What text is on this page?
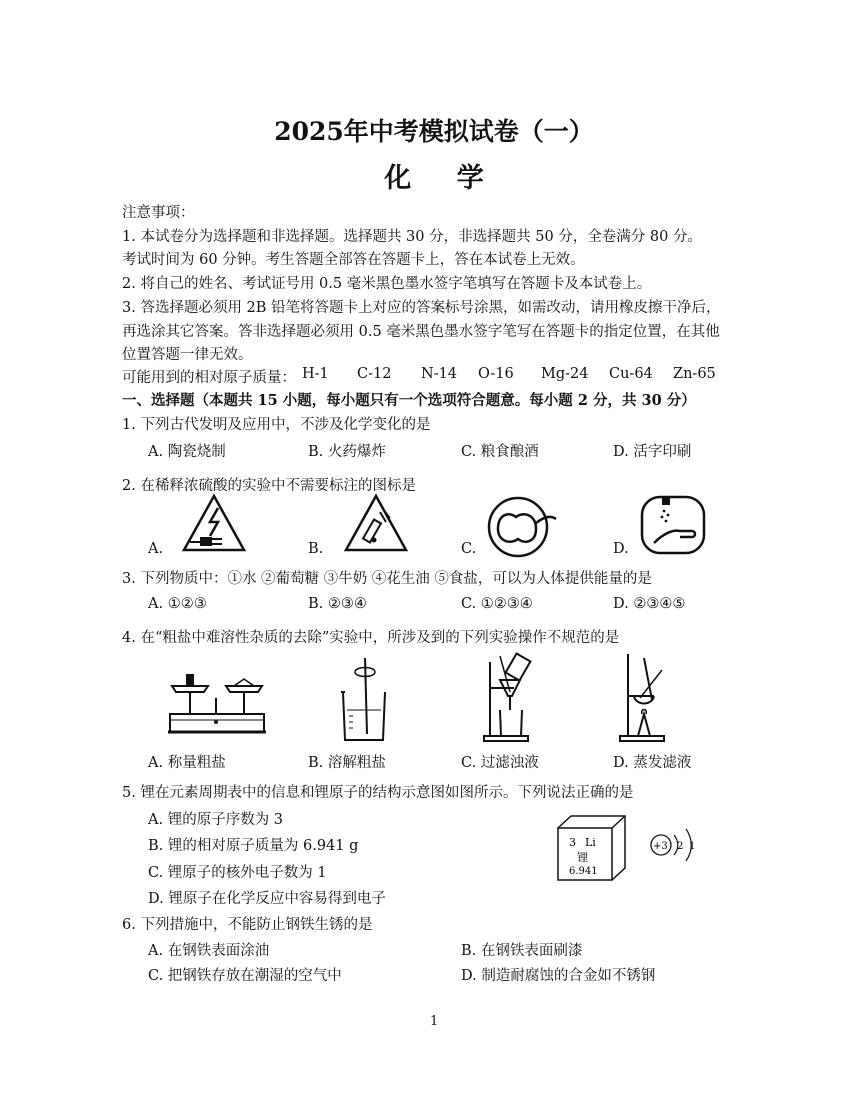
2025年中考模拟试卷（一）
化 学
注意事项：
1. 本试卷分为选择题和非选择题。选择题共 30 分，非选择题共 50 分，全卷满分 80 分。
考试时间为 60 分钟。考生答题全部答在答题卡上，答在本试卷上无效。
2. 将自己的姓名、考试证号用 0.5 毫米黑色墨水签字笔填写在答题卡及本试卷上。
3. 答选择题必须用 2B 铅笔将答题卡上对应的答案标号涂黑，如需改动，请用橡皮擦干净后，
再选涂其它答案。答非选择题必须用 0.5 毫米黑色墨水签字笔写在答题卡的指定位置，在其他
位置答题一律无效。
可能用到的相对原子质量： H-1 C-12 N-14 O-16 Mg-24 Cu-64 Zn-65
一、选择题（本题共 15 小题，每小题只有一个选项符合题意。每小题 2 分，共 30 分）
1. 下列古代发明及应用中，不涉及化学变化的是
A. 陶瓷烧制	B. 火药爆炸	C. 粮食酿酒	D. 活字印刷
2. 在稀释浓硫酸的实验中不需要标注的图标是
A.	B.	C.	D.
3. 下列物质中：①水 ②葡萄糖 ③牛奶 ④花生油 ⑤食盐，可以为人体提供能量的是
A. ①②③	B. ②③④	C. ①②③④	D. ②③④⑤
4. 在“粗盐中难溶性杂质的去除”实验中，所涉及到的下列实验操作不规范的是
A. 称量粗盐	B. 溶解粗盐	C. 过滤浊液	D. 蒸发滤液
5. 锂在元素周期表中的信息和锂原子的结构示意图如图所示。下列说法正确的是
A. 锂的原子序数为 3
B. 锂的相对原子质量为 6.941 g
C. 锂原子的核外电子数为 1
D. 锂原子在化学反应中容易得到电子
3 Li
锂
6.941
+3 2 1
6. 下列措施中，不能防止钢铁生锈的是
A. 在钢铁表面涂油	B. 在钢铁表面刷漆
C. 把钢铁存放在潮湿的空气中	D. 制造耐腐蚀的合金如不锈钢
1
